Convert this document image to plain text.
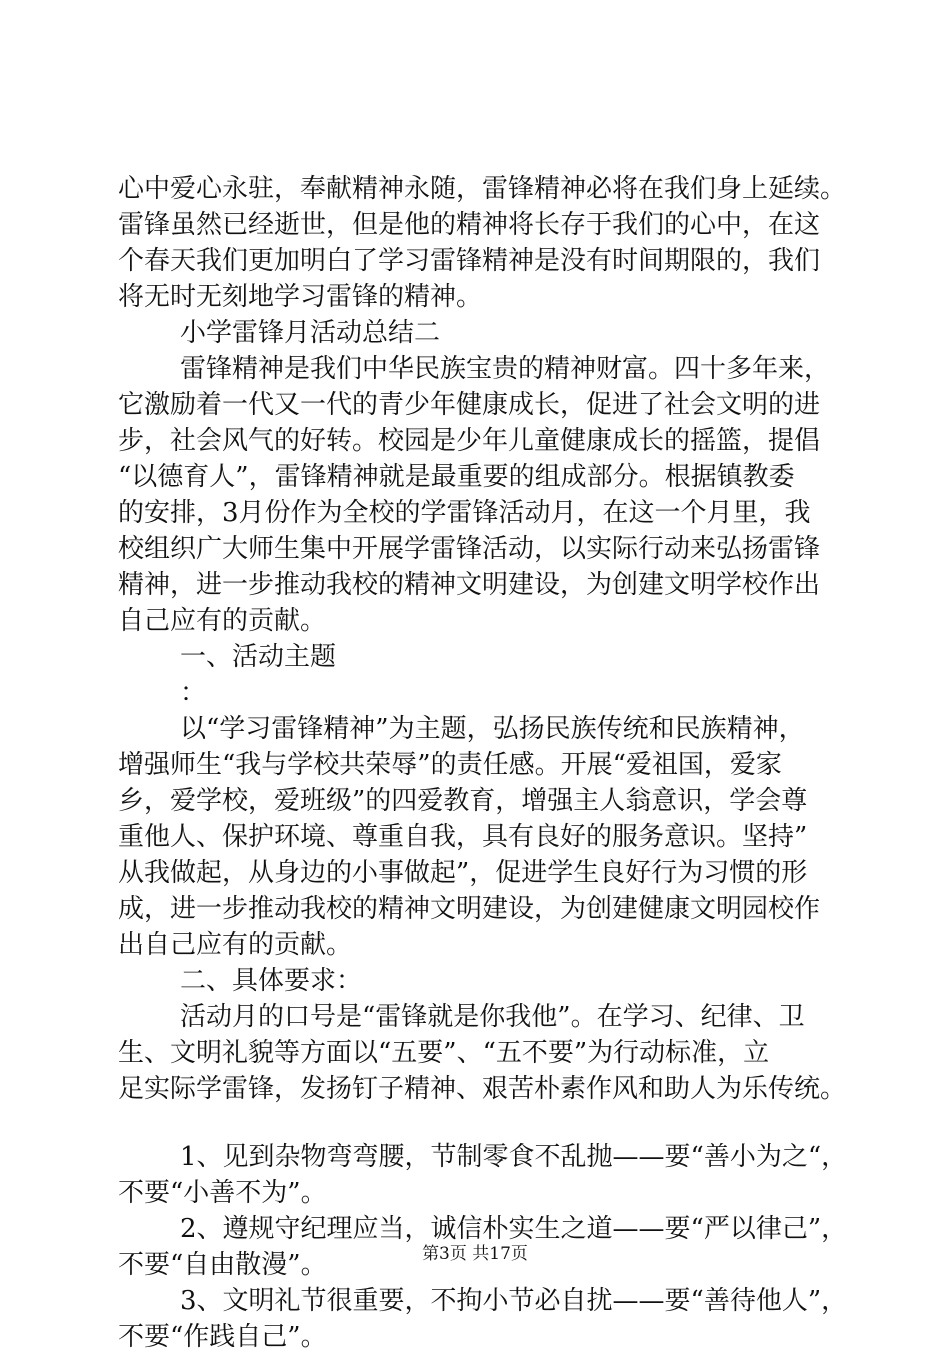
心中爱心永驻，奉献精神永随，雷锋精神必将在我们身上延续。
雷锋虽然已经逝世，但是他的精神将长存于我们的心中，在这
个春天我们更加明白了学习雷锋精神是没有时间期限的，我们
将无时无刻地学习雷锋的精神。
小学雷锋月活动总结二
雷锋精神是我们中华民族宝贵的精神财富。四十多年来，
它激励着一代又一代的青少年健康成长，促进了社会文明的进
步，社会风气的好转。校园是少年儿童健康成长的摇篮，提倡
“以德育人”，雷锋精神就是最重要的组成部分。根据镇教委
的安排，3月份作为全校的学雷锋活动月，在这一个月里，我
校组织广大师生集中开展学雷锋活动，以实际行动来弘扬雷锋
精神，进一步推动我校的精神文明建设，为创建文明学校作出
自己应有的贡献。
一、活动主题
：
以“学习雷锋精神”为主题，弘扬民族传统和民族精神，
增强师生“我与学校共荣辱”的责任感。开展“爱祖国，爱家
乡，爱学校，爱班级”的四爱教育，增强主人翁意识，学会尊
重他人、保护环境、尊重自我，具有良好的服务意识。坚持”
从我做起，从身边的小事做起”，促进学生良好行为习惯的形
成，进一步推动我校的精神文明建设，为创建健康文明园校作
出自己应有的贡献。
二、具体要求：
活动月的口号是“雷锋就是你我他”。在学习、纪律、卫
生、文明礼貌等方面以“五要”、“五不要”为行动标准，立
足实际学雷锋，发扬钉子精神、艰苦朴素作风和助人为乐传统。
1、见到杂物弯弯腰，节制零食不乱抛——要“善小为之“，
不要“小善不为”。
2、遵规守纪理应当，诚信朴实生之道——要“严以律己”，
不要“自由散漫”。
3、文明礼节很重要，不拘小节必自扰——要“善待他人”，
不要“作践自己”。
第3页 共17页
